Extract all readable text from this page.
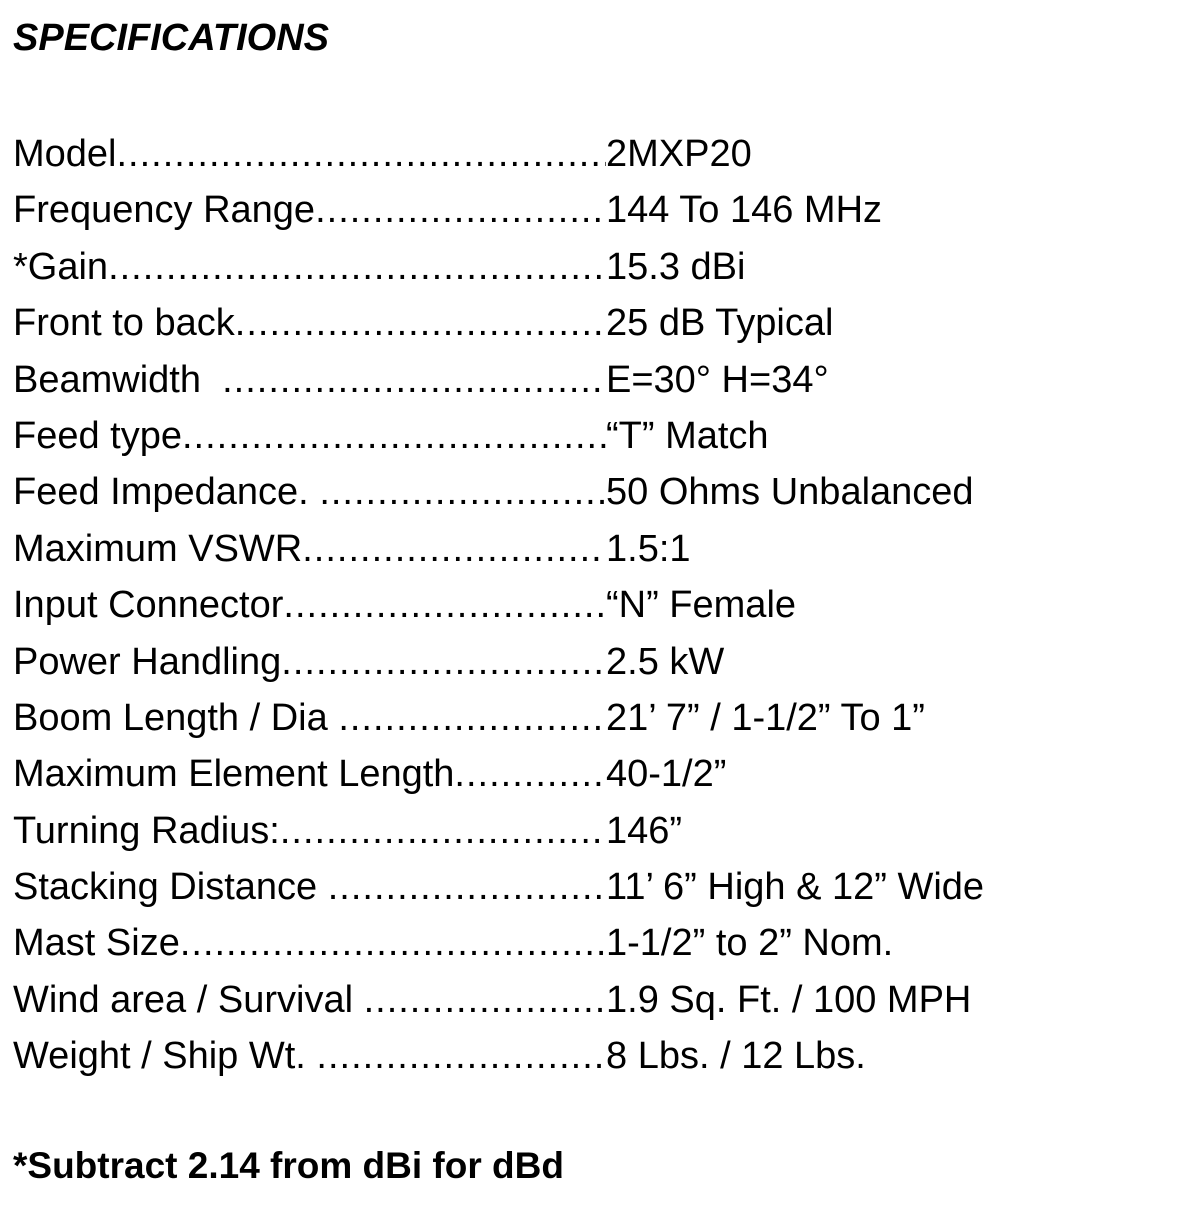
SPECIFICATIONS
Model .....	2MXP20
Frequency Range .....	144 To 146 MHz
*Gain .....	15.3 dBi
Front to back .....	25 dB Typical
Beamwidth .....	E=30° H=34°
Feed type .....	“T” Match
Feed Impedance. .....	50 Ohms Unbalanced
Maximum VSWR .....	1.5:1
Input Connector .....	“N” Female
Power Handling .....	2.5 kW
Boom Length / Dia .....	21’ 7” / 1-1/2” To 1”
Maximum Element Length .....	40-1/2”
Turning Radius: .....	146”
Stacking Distance .....	11’ 6” High & 12” Wide
Mast Size .....	1-1/2” to 2” Nom.
Wind area / Survival .....	1.9 Sq. Ft. / 100 MPH
Weight / Ship Wt. .....	8 Lbs. / 12 Lbs.
*Subtract 2.14 from dBi for dBd
